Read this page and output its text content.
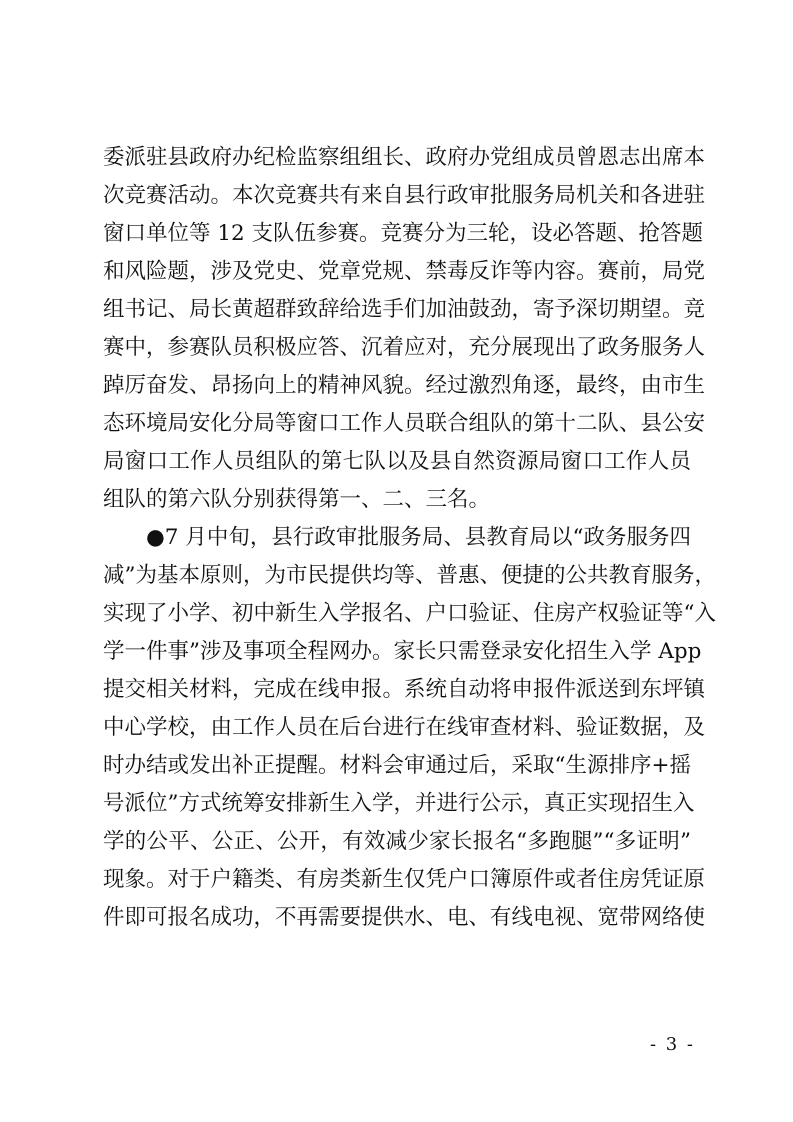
委派驻县政府办纪检监察组组长、政府办党组成员曾恩志出席本
次竞赛活动。本次竞赛共有来自县行政审批服务局机关和各进驻
窗口单位等 12 支队伍参赛。竞赛分为三轮，设必答题、抢答题
和风险题，涉及党史、党章党规、禁毒反诈等内容。赛前，局党
组书记、局长黄超群致辞给选手们加油鼓劲，寄予深切期望。竞
赛中，参赛队员积极应答、沉着应对，充分展现出了政务服务人
踔厉奋发、昂扬向上的精神风貌。经过激烈角逐，最终，由市生
态环境局安化分局等窗口工作人员联合组队的第十二队、县公安
局窗口工作人员组队的第七队以及县自然资源局窗口工作人员
组队的第六队分别获得第一、二、三名。
　　●7 月中旬，县行政审批服务局、县教育局以“政务服务四
减”为基本原则，为市民提供均等、普惠、便捷的公共教育服务，
实现了小学、初中新生入学报名、户口验证、住房产权验证等“入
学一件事”涉及事项全程网办。家长只需登录安化招生入学 App
提交相关材料，完成在线申报。系统自动将申报件派送到东坪镇
中心学校，由工作人员在后台进行在线审查材料、验证数据，及
时办结或发出补正提醒。材料会审通过后，采取“生源排序+摇
号派位”方式统筹安排新生入学，并进行公示，真正实现招生入
学的公平、公正、公开，有效减少家长报名“多跑腿”“多证明”
现象。对于户籍类、有房类新生仅凭户口簿原件或者住房凭证原
件即可报名成功，不再需要提供水、电、有线电视、宽带网络使
- 3 -
